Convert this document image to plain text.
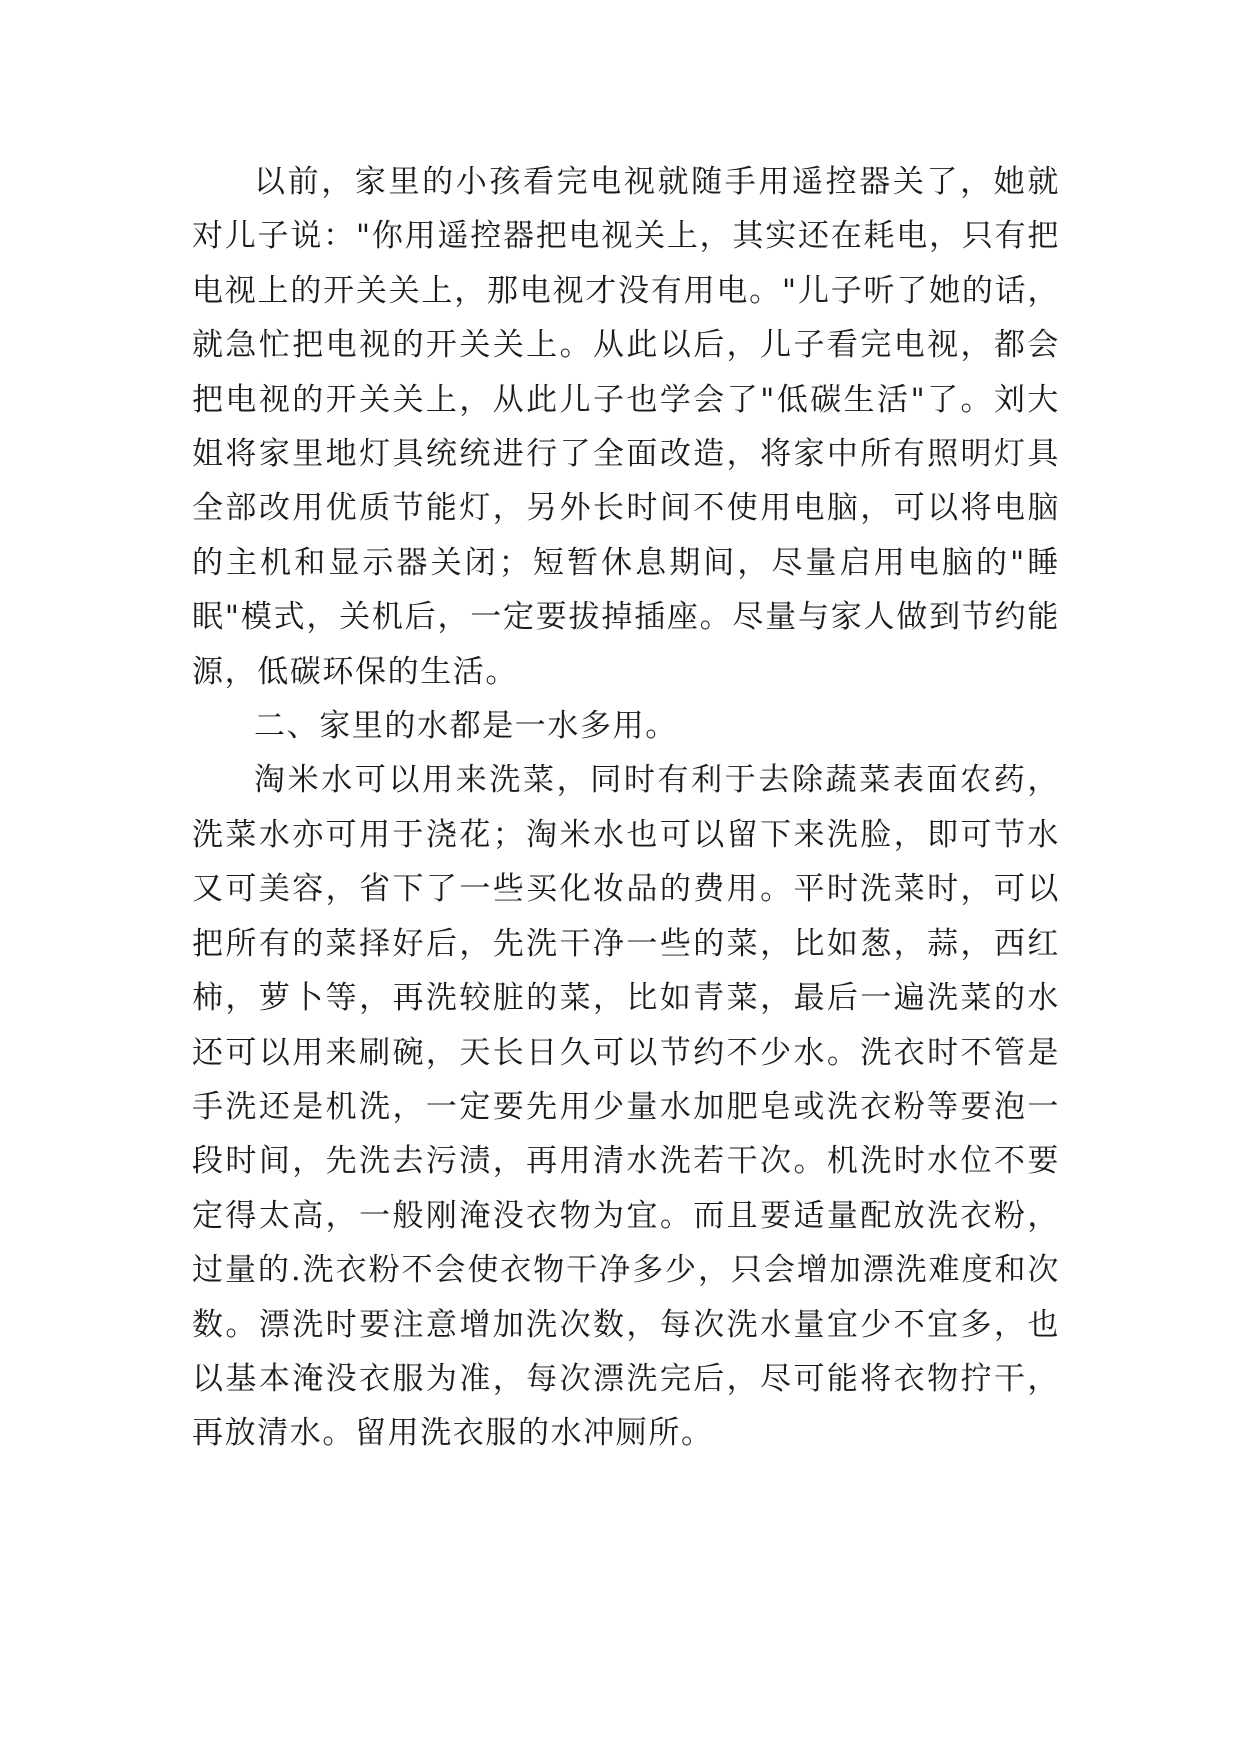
以前，家里的小孩看完电视就随手用遥控器关了，她就对儿子说："你用遥控器把电视关上，其实还在耗电，只有把电视上的开关关上，那电视才没有用电。"儿子听了她的话，就急忙把电视的开关关上。从此以后，儿子看完电视，都会把电视的开关关上，从此儿子也学会了"低碳生活"了。刘大姐将家里地灯具统统进行了全面改造，将家中所有照明灯具全部改用优质节能灯，另外长时间不使用电脑，可以将电脑的主机和显示器关闭；短暂休息期间，尽量启用电脑的"睡眠"模式，关机后，一定要拔掉插座。尽量与家人做到节约能源，低碳环保的生活。

二、家里的水都是一水多用。

淘米水可以用来洗菜，同时有利于去除蔬菜表面农药，洗菜水亦可用于浇花；淘米水也可以留下来洗脸，即可节水又可美容，省下了一些买化妆品的费用。平时洗菜时，可以把所有的菜择好后，先洗干净一些的菜，比如葱，蒜，西红柿，萝卜等，再洗较脏的菜，比如青菜，最后一遍洗菜的水还可以用来刷碗，天长日久可以节约不少水。洗衣时不管是手洗还是机洗，一定要先用少量水加肥皂或洗衣粉等要泡一段时间，先洗去污渍，再用清水洗若干次。机洗时水位不要定得太高，一般刚淹没衣物为宜。而且要适量配放洗衣粉，过量的.洗衣粉不会使衣物干净多少，只会增加漂洗难度和次数。漂洗时要注意增加洗次数，每次洗水量宜少不宜多，也以基本淹没衣服为准，每次漂洗完后，尽可能将衣物拧干，再放清水。留用洗衣服的水冲厕所。
